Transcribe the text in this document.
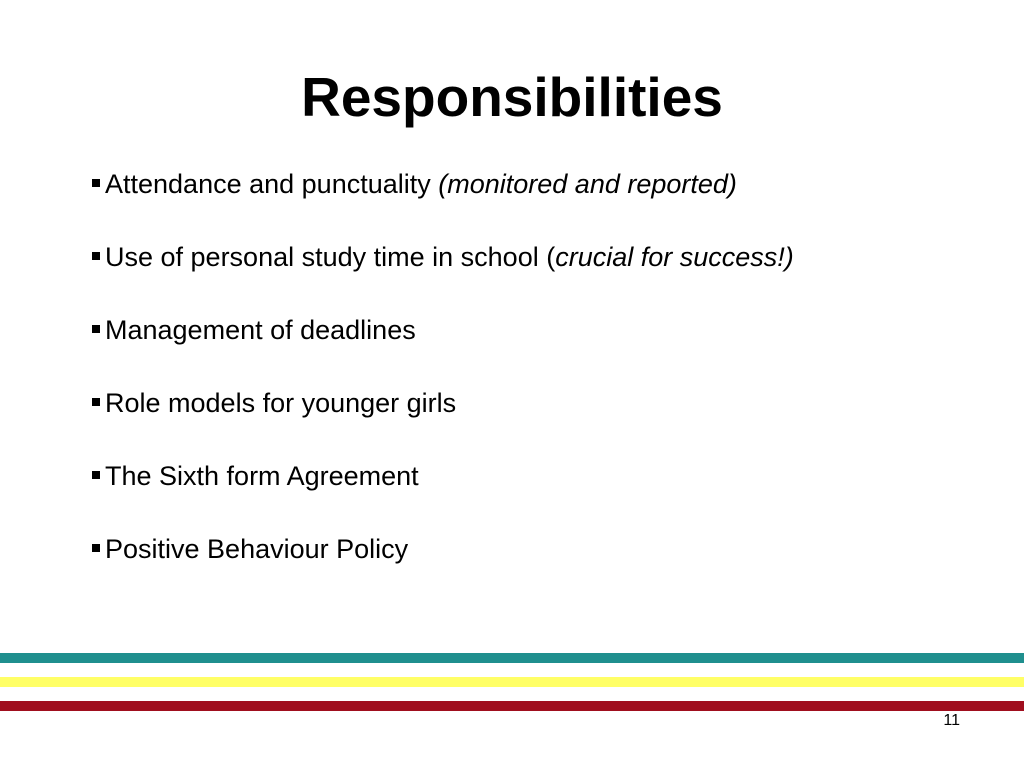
Responsibilities
Attendance and punctuality (monitored and reported)
Use of personal study time in school (crucial for success!)
Management of deadlines
Role models for younger girls
The Sixth form Agreement
Positive Behaviour Policy
11
